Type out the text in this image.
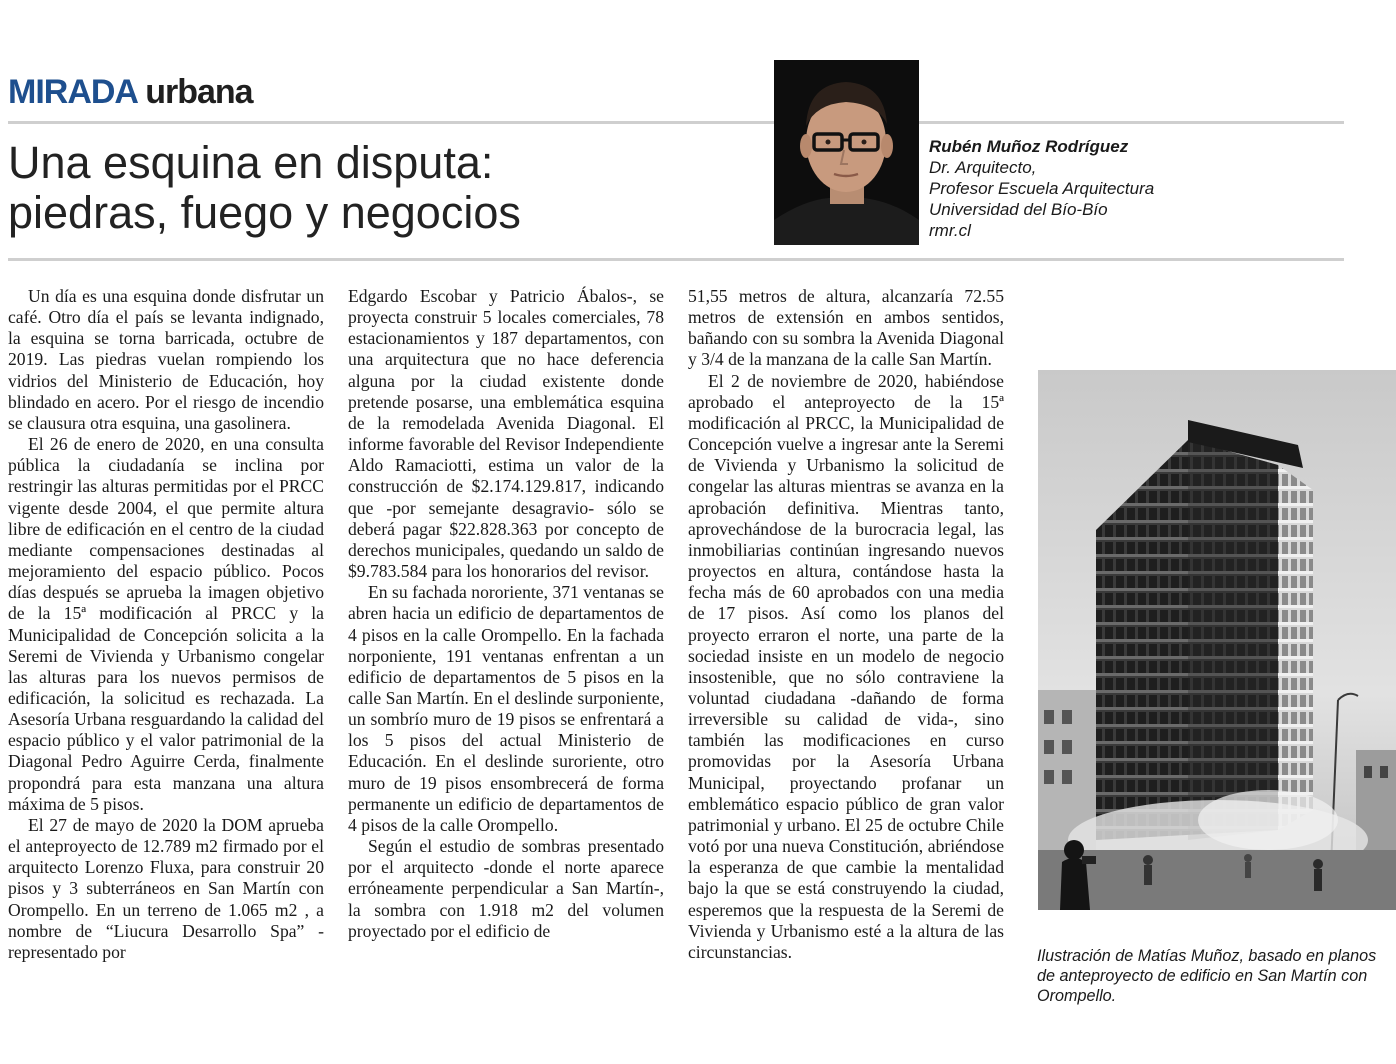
MIRADA urbana
Una esquina en disputa:
piedras, fuego y negocios
Rubén Muñoz Rodríguez
Dr. Arquitecto,
Profesor Escuela Arquitectura
Universidad del Bío-Bío
rmr.cl

Un día es una esquina donde disfrutar un café. Otro día el país se levanta indignado, la esquina se torna barricada, octubre de 2019. Las piedras vuelan rompiendo los vidrios del Ministerio de Educación, hoy blindado en acero. Por el riesgo de incendio se clausura otra esquina, una gasolinera.

El 26 de enero de 2020, en una consulta pública la ciudadanía se inclina por restringir las alturas permitidas por el PRCC vigente desde 2004, el que permite altura libre de edificación en el centro de la ciudad mediante compensaciones destinadas al mejoramiento del espacio público. Pocos días después se aprueba la imagen objetivo de la 15ª modificación al PRCC y la Municipalidad de Concepción solicita a la Seremi de Vivienda y Urbanismo congelar las alturas para los nuevos permisos de edificación, la solicitud es rechazada. La Asesoría Urbana resguardando la calidad del espacio público y el valor patrimonial de la Diagonal Pedro Aguirre Cerda, finalmente propondrá para esta manzana una altura máxima de 5 pisos.

El 27 de mayo de 2020 la DOM aprueba el anteproyecto de 12.789 m2 firmado por el arquitecto Lorenzo Fluxa, para construir 20 pisos y 3 subterráneos en San Martín con Orompello. En un terreno de 1.065 m2 , a nombre de “Liucura Desarrollo Spa” -representado por

Edgardo Escobar y Patricio Ábalos-, se proyecta construir 5 locales comerciales, 78 estacionamientos y 187 departamentos, con una arquitectura que no hace deferencia alguna por la ciudad existente donde pretende posarse, una emblemática esquina de la remodelada Avenida Diagonal. El informe favorable del Revisor Independiente Aldo Ramaciotti, estima un valor de la construcción de $2.174.129.817, indicando que -por semejante desagravio- sólo se deberá pagar $22.828.363 por concepto de derechos municipales, quedando un saldo de $9.783.584 para los honorarios del revisor.

En su fachada nororiente, 371 ventanas se abren hacia un edificio de departamentos de 4 pisos en la calle Orompello. En la fachada norponiente, 191 ventanas enfrentan a un edificio de departamentos de 5 pisos en la calle San Martín. En el deslinde surponiente, un sombrío muro de 19 pisos se enfrentará a los 5 pisos del actual Ministerio de Educación. En el deslinde suroriente, otro muro de 19 pisos ensombrecerá de forma permanente un edificio de departamentos de 4 pisos de la calle Orompello.

Según el estudio de sombras presentado por el arquitecto -donde el norte aparece erróneamente perpendicular a San Martín-, la sombra con 1.918 m2 del volumen proyectado por el edificio de

51,55 metros de altura, alcanzaría 72.55 metros de extensión en ambos sentidos, bañando con su sombra la Avenida Diagonal y 3/4 de la manzana de la calle San Martín.

El 2 de noviembre de 2020, habiéndose aprobado el anteproyecto de la 15ª modificación al PRCC, la Municipalidad de Concepción vuelve a ingresar ante la Seremi de Vivienda y Urbanismo la solicitud de congelar las alturas mientras se avanza en la aprobación definitiva. Mientras tanto, aprovechándose de la burocracia legal, las inmobiliarias continúan ingresando nuevos proyectos en altura, contándose hasta la fecha más de 60 aprobados con una media de 17 pisos. Así como los planos del proyecto erraron el norte, una parte de la sociedad insiste en un modelo de negocio insostenible, que no sólo contraviene la voluntad ciudadana -dañando de forma irreversible su calidad de vida-, sino también las modificaciones en curso promovidas por la Asesoría Urbana Municipal, proyectando profanar un emblemático espacio público de gran valor patrimonial y urbano. El 25 de octubre Chile votó por una nueva Constitución, abriéndose la esperanza de que cambie la mentalidad bajo la que se está construyendo la ciudad, esperemos que la respuesta de la Seremi de Vivienda y Urbanismo esté a la altura de las circunstancias.	Ilustración de Matías Muñoz, basado en planos de anteproyecto de edificio en San Martín con Orompello.
